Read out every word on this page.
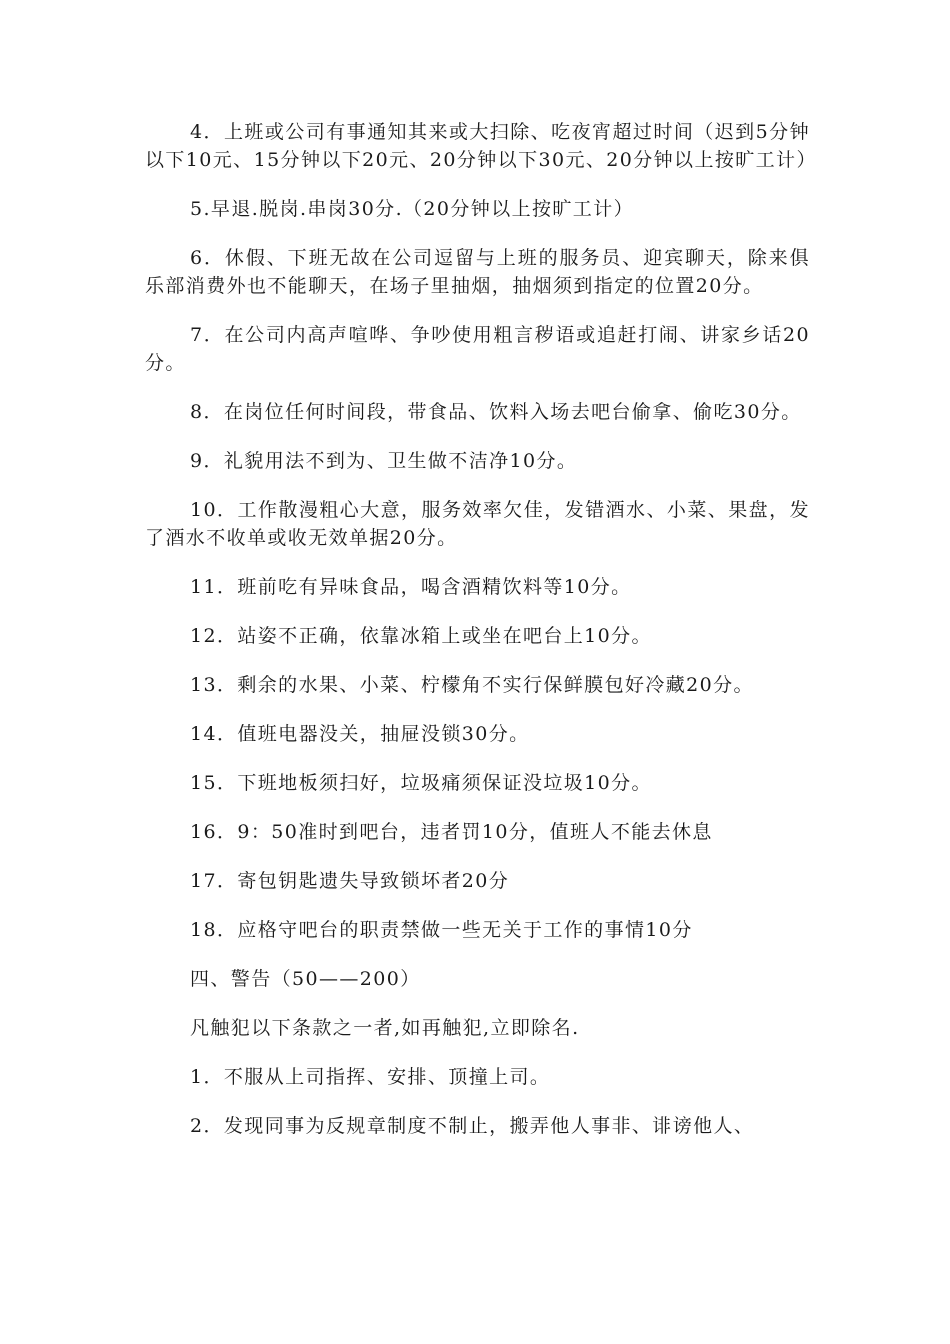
4．上班或公司有事通知其来或大扫除、吃夜宵超过时间（迟到5分钟以下10元、15分钟以下20元、20分钟以下30元、20分钟以上按旷工计）

5.早退.脱岗.串岗30分.（20分钟以上按旷工计）

6．休假、下班无故在公司逗留与上班的服务员、迎宾聊天，除来俱乐部消费外也不能聊天，在场子里抽烟，抽烟须到指定的位置20分。

7．在公司内高声喧哗、争吵使用粗言秽语或追赶打闹、讲家乡话20分。

8．在岗位任何时间段，带食品、饮料入场去吧台偷拿、偷吃30分。

9．礼貌用法不到为、卫生做不洁净10分。

10．工作散漫粗心大意，服务效率欠佳，发错酒水、小菜、果盘，发了酒水不收单或收无效单据20分。

11．班前吃有异味食品，喝含酒精饮料等10分。

12．站姿不正确，依靠冰箱上或坐在吧台上10分。

13．剩余的水果、小菜、柠檬角不实行保鲜膜包好冷藏20分。

14．值班电器没关，抽屉没锁30分。

15．下班地板须扫好，垃圾痛须保证没垃圾10分。

16．9：50准时到吧台，违者罚10分，值班人不能去休息

17．寄包钥匙遗失导致锁坏者20分

18．应格守吧台的职责禁做一些无关于工作的事情10分

四、警告（50——200）

凡触犯以下条款之一者,如再触犯,立即除名.

1．不服从上司指挥、安排、顶撞上司。

2．发现同事为反规章制度不制止，搬弄他人事非、诽谤他人、
